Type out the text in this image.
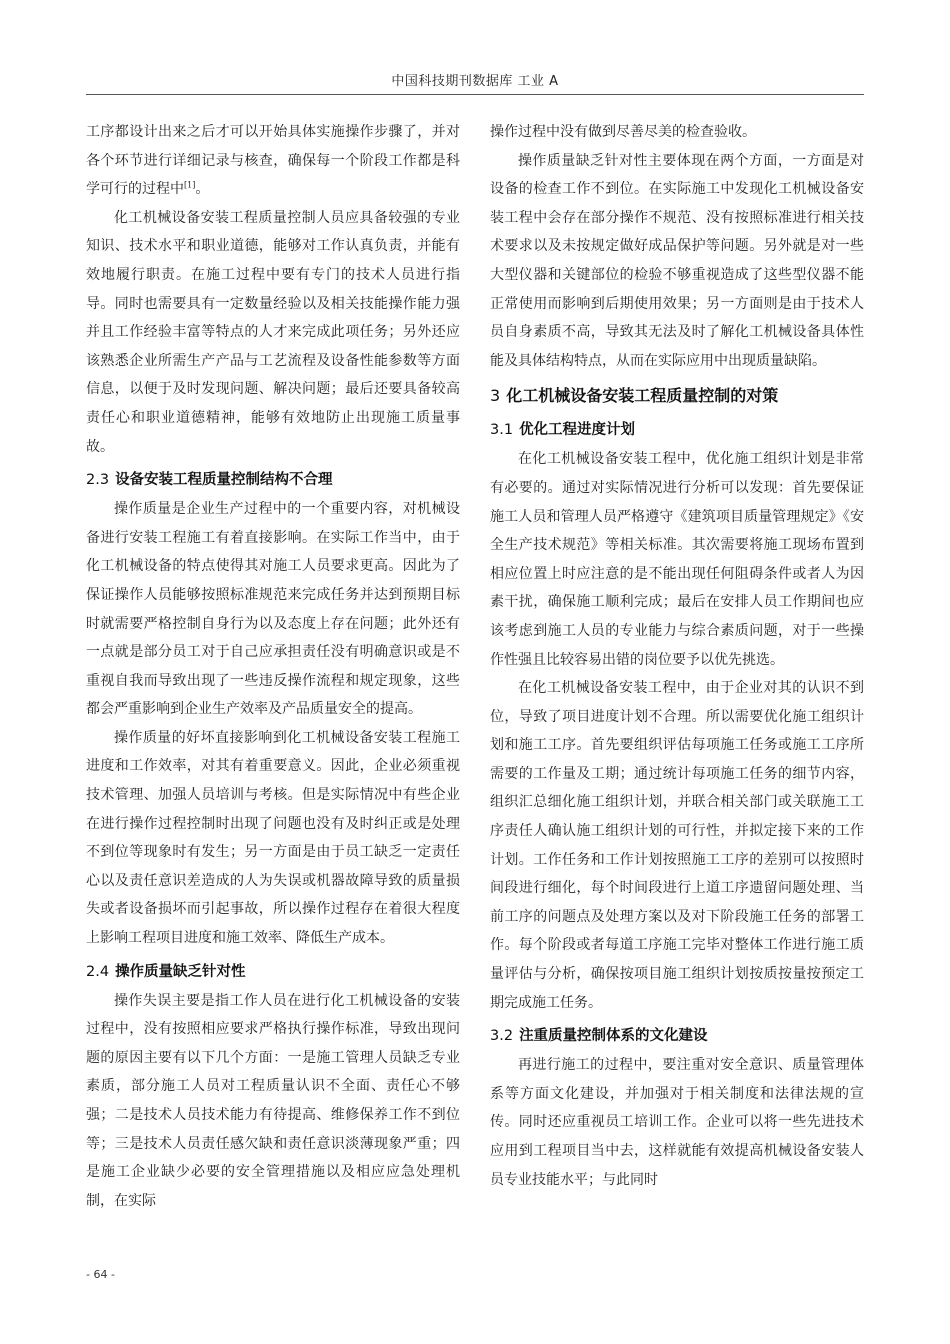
中国科技期刊数据库 工业 A

工序都设计出来之后才可以开始具体实施操作步骤了，并对各个环节进行详细记录与核查，确保每一个阶段工作都是科学可行的过程中[1]。

化工机械设备安装工程质量控制人员应具备较强的专业知识、技术水平和职业道德，能够对工作认真负责，并能有效地履行职责。在施工过程中要有专门的技术人员进行指导。同时也需要具有一定数量经验以及相关技能操作能力强并且工作经验丰富等特点的人才来完成此项任务；另外还应该熟悉企业所需生产产品与工艺流程及设备性能参数等方面信息，以便于及时发现问题、解决问题；最后还要具备较高责任心和职业道德精神，能够有效地防止出现施工质量事故。

2.3 设备安装工程质量控制结构不合理

操作质量是企业生产过程中的一个重要内容，对机械设备进行安装工程施工有着直接影响。在实际工作当中，由于化工机械设备的特点使得其对施工人员要求更高。因此为了保证操作人员能够按照标准规范来完成任务并达到预期目标时就需要严格控制自身行为以及态度上存在问题；此外还有一点就是部分员工对于自己应承担责任没有明确意识或是不重视自我而导致出现了一些违反操作流程和规定现象，这些都会严重影响到企业生产效率及产品质量安全的提高。

操作质量的好坏直接影响到化工机械设备安装工程施工进度和工作效率，对其有着重要意义。因此，企业必须重视技术管理、加强人员培训与考核。但是实际情况中有些企业在进行操作过程控制时出现了问题也没有及时纠正或是处理不到位等现象时有发生；另一方面是由于员工缺乏一定责任心以及责任意识差造成的人为失误或机器故障导致的质量损失或者设备损坏而引起事故，所以操作过程存在着很大程度上影响工程项目进度和施工效率、降低生产成本。

2.4 操作质量缺乏针对性

操作失误主要是指工作人员在进行化工机械设备的安装过程中，没有按照相应要求严格执行操作标准，导致出现问题的原因主要有以下几个方面：一是施工管理人员缺乏专业素质，部分施工人员对工程质量认识不全面、责任心不够强；二是技术人员技术能力有待提高、维修保养工作不到位等；三是技术人员责任感欠缺和责任意识淡薄现象严重；四是施工企业缺少必要的安全管理措施以及相应应急处理机制，在实际

操作过程中没有做到尽善尽美的检查验收。

操作质量缺乏针对性主要体现在两个方面，一方面是对设备的检查工作不到位。在实际施工中发现化工机械设备安装工程中会存在部分操作不规范、没有按照标准进行相关技术要求以及未按规定做好成品保护等问题。另外就是对一些大型仪器和关键部位的检验不够重视造成了这些型仪器不能正常使用而影响到后期使用效果；另一方面则是由于技术人员自身素质不高，导致其无法及时了解化工机械设备具体性能及具体结构特点，从而在实际应用中出现质量缺陷。

3 化工机械设备安装工程质量控制的对策
3.1 优化工程进度计划

在化工机械设备安装工程中，优化施工组织计划是非常有必要的。通过对实际情况进行分析可以发现：首先要保证施工人员和管理人员严格遵守《建筑项目质量管理规定》《安全生产技术规范》等相关标准。其次需要将施工现场布置到相应位置上时应注意的是不能出现任何阻碍条件或者人为因素干扰，确保施工顺利完成；最后在安排人员工作期间也应该考虑到施工人员的专业能力与综合素质问题，对于一些操作性强且比较容易出错的岗位要予以优先挑选。

在化工机械设备安装工程中，由于企业对其的认识不到位，导致了项目进度计划不合理。所以需要优化施工组织计划和施工工序。首先要组织评估每项施工任务或施工工序所需要的工作量及工期；通过统计每项施工任务的细节内容，组织汇总细化施工组织计划，并联合相关部门或关联施工工序责任人确认施工组织计划的可行性，并拟定接下来的工作计划。工作任务和工作计划按照施工工序的差别可以按照时间段进行细化，每个时间段进行上道工序遗留问题处理、当前工序的问题点及处理方案以及对下阶段施工任务的部署工作。每个阶段或者每道工序施工完毕对整体工作进行施工质量评估与分析，确保按项目施工组织计划按质按量按预定工期完成施工任务。

3.2 注重质量控制体系的文化建设

再进行施工的过程中，要注重对安全意识、质量管理体系等方面文化建设，并加强对于相关制度和法律法规的宣传。同时还应重视员工培训工作。企业可以将一些先进技术应用到工程项目当中去，这样就能有效提高机械设备安装人员专业技能水平；与此同时

- 64 -
